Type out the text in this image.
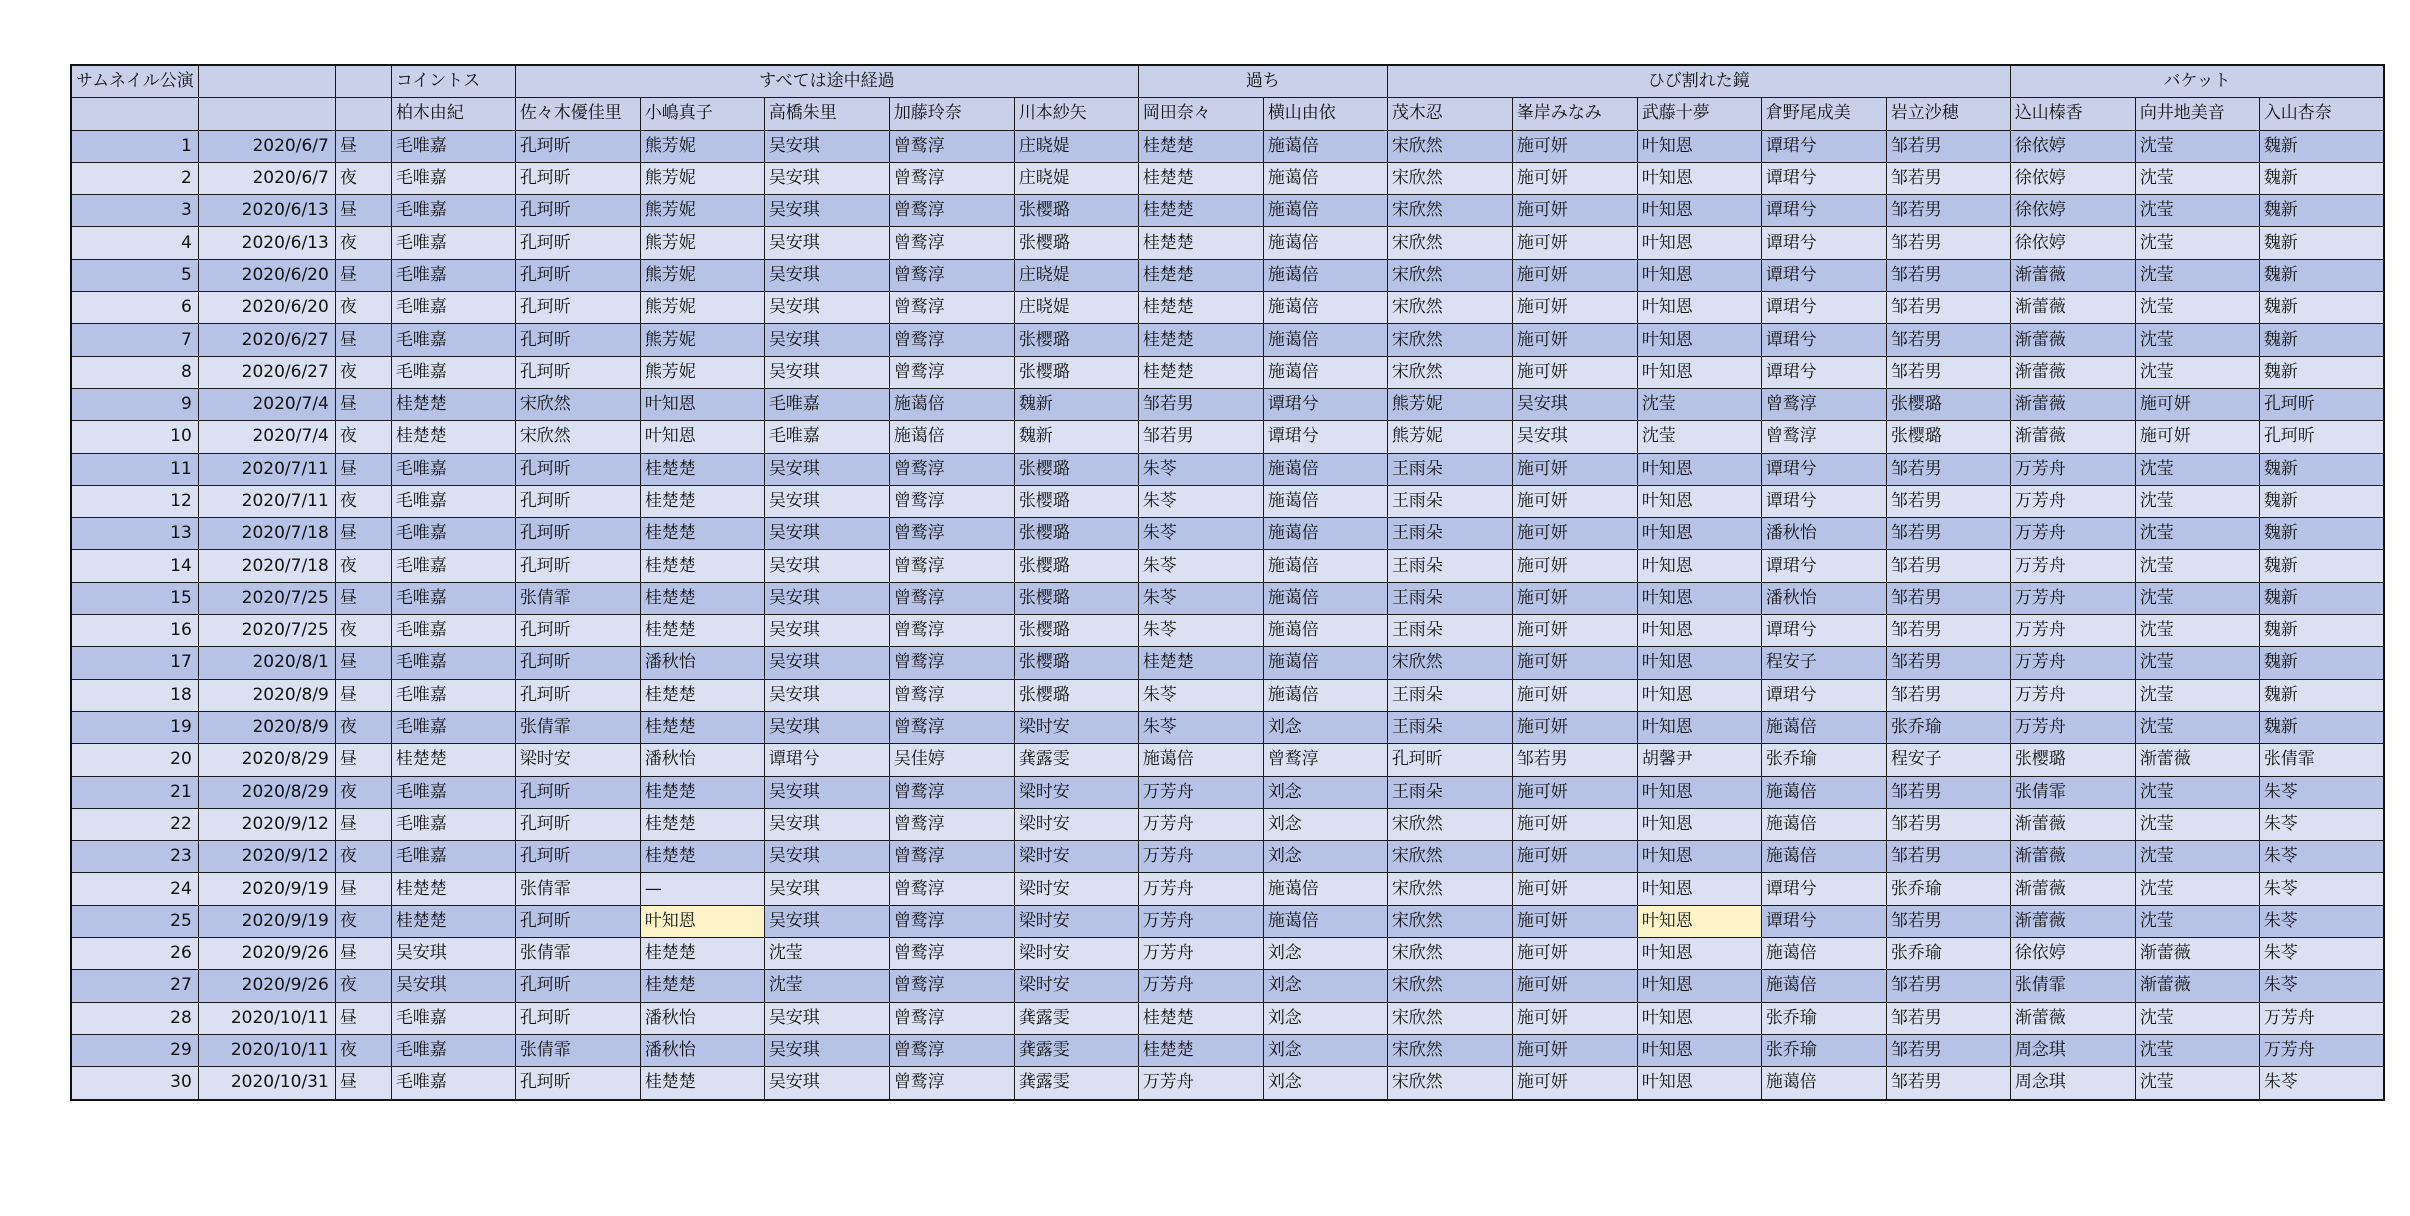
サムネイル公演			コイントス	すべては途中経過					過ち		ひび割れた鏡					バケット		
			柏木由紀	佐々木優佳里	小嶋真子	高橋朱里	加藤玲奈	川本紗矢	岡田奈々	横山由依	茂木忍	峯岸みなみ	武藤十夢	倉野尾成美	岩立沙穂	込山榛香	向井地美音	入山杏奈
1	2020/6/7	昼	毛唯嘉	孔珂昕	熊芳妮	吴安琪	曾鹜淳	庄晓媞	桂楚楚	施蔼倍	宋欣然	施可妍	叶知恩	谭珺兮	邹若男	徐依婷	沈莹	魏新
2	2020/6/7	夜	毛唯嘉	孔珂昕	熊芳妮	吴安琪	曾鹜淳	庄晓媞	桂楚楚	施蔼倍	宋欣然	施可妍	叶知恩	谭珺兮	邹若男	徐依婷	沈莹	魏新
3	2020/6/13	昼	毛唯嘉	孔珂昕	熊芳妮	吴安琪	曾鹜淳	张樱璐	桂楚楚	施蔼倍	宋欣然	施可妍	叶知恩	谭珺兮	邹若男	徐依婷	沈莹	魏新
4	2020/6/13	夜	毛唯嘉	孔珂昕	熊芳妮	吴安琪	曾鹜淳	张樱璐	桂楚楚	施蔼倍	宋欣然	施可妍	叶知恩	谭珺兮	邹若男	徐依婷	沈莹	魏新
5	2020/6/20	昼	毛唯嘉	孔珂昕	熊芳妮	吴安琪	曾鹜淳	庄晓媞	桂楚楚	施蔼倍	宋欣然	施可妍	叶知恩	谭珺兮	邹若男	渐蕾薇	沈莹	魏新
6	2020/6/20	夜	毛唯嘉	孔珂昕	熊芳妮	吴安琪	曾鹜淳	庄晓媞	桂楚楚	施蔼倍	宋欣然	施可妍	叶知恩	谭珺兮	邹若男	渐蕾薇	沈莹	魏新
7	2020/6/27	昼	毛唯嘉	孔珂昕	熊芳妮	吴安琪	曾鹜淳	张樱璐	桂楚楚	施蔼倍	宋欣然	施可妍	叶知恩	谭珺兮	邹若男	渐蕾薇	沈莹	魏新
8	2020/6/27	夜	毛唯嘉	孔珂昕	熊芳妮	吴安琪	曾鹜淳	张樱璐	桂楚楚	施蔼倍	宋欣然	施可妍	叶知恩	谭珺兮	邹若男	渐蕾薇	沈莹	魏新
9	2020/7/4	昼	桂楚楚	宋欣然	叶知恩	毛唯嘉	施蔼倍	魏新	邹若男	谭珺兮	熊芳妮	吴安琪	沈莹	曾鹜淳	张樱璐	渐蕾薇	施可妍	孔珂昕
10	2020/7/4	夜	桂楚楚	宋欣然	叶知恩	毛唯嘉	施蔼倍	魏新	邹若男	谭珺兮	熊芳妮	吴安琪	沈莹	曾鹜淳	张樱璐	渐蕾薇	施可妍	孔珂昕
11	2020/7/11	昼	毛唯嘉	孔珂昕	桂楚楚	吴安琪	曾鹜淳	张樱璐	朱苓	施蔼倍	王雨朵	施可妍	叶知恩	谭珺兮	邹若男	万芳舟	沈莹	魏新
12	2020/7/11	夜	毛唯嘉	孔珂昕	桂楚楚	吴安琪	曾鹜淳	张樱璐	朱苓	施蔼倍	王雨朵	施可妍	叶知恩	谭珺兮	邹若男	万芳舟	沈莹	魏新
13	2020/7/18	昼	毛唯嘉	孔珂昕	桂楚楚	吴安琪	曾鹜淳	张樱璐	朱苓	施蔼倍	王雨朵	施可妍	叶知恩	潘秋怡	邹若男	万芳舟	沈莹	魏新
14	2020/7/18	夜	毛唯嘉	孔珂昕	桂楚楚	吴安琪	曾鹜淳	张樱璐	朱苓	施蔼倍	王雨朵	施可妍	叶知恩	谭珺兮	邹若男	万芳舟	沈莹	魏新
15	2020/7/25	昼	毛唯嘉	张倩霏	桂楚楚	吴安琪	曾鹜淳	张樱璐	朱苓	施蔼倍	王雨朵	施可妍	叶知恩	潘秋怡	邹若男	万芳舟	沈莹	魏新
16	2020/7/25	夜	毛唯嘉	孔珂昕	桂楚楚	吴安琪	曾鹜淳	张樱璐	朱苓	施蔼倍	王雨朵	施可妍	叶知恩	谭珺兮	邹若男	万芳舟	沈莹	魏新
17	2020/8/1	昼	毛唯嘉	孔珂昕	潘秋怡	吴安琪	曾鹜淳	张樱璐	桂楚楚	施蔼倍	宋欣然	施可妍	叶知恩	程安子	邹若男	万芳舟	沈莹	魏新
18	2020/8/9	昼	毛唯嘉	孔珂昕	桂楚楚	吴安琪	曾鹜淳	张樱璐	朱苓	施蔼倍	王雨朵	施可妍	叶知恩	谭珺兮	邹若男	万芳舟	沈莹	魏新
19	2020/8/9	夜	毛唯嘉	张倩霏	桂楚楚	吴安琪	曾鹜淳	梁时安	朱苓	刘念	王雨朵	施可妍	叶知恩	施蔼倍	张乔瑜	万芳舟	沈莹	魏新
20	2020/8/29	昼	桂楚楚	梁时安	潘秋怡	谭珺兮	吴佳婷	龚露雯	施蔼倍	曾鹜淳	孔珂昕	邹若男	胡馨尹	张乔瑜	程安子	张樱璐	渐蕾薇	张倩霏
21	2020/8/29	夜	毛唯嘉	孔珂昕	桂楚楚	吴安琪	曾鹜淳	梁时安	万芳舟	刘念	王雨朵	施可妍	叶知恩	施蔼倍	邹若男	张倩霏	沈莹	朱苓
22	2020/9/12	昼	毛唯嘉	孔珂昕	桂楚楚	吴安琪	曾鹜淳	梁时安	万芳舟	刘念	宋欣然	施可妍	叶知恩	施蔼倍	邹若男	渐蕾薇	沈莹	朱苓
23	2020/9/12	夜	毛唯嘉	孔珂昕	桂楚楚	吴安琪	曾鹜淳	梁时安	万芳舟	刘念	宋欣然	施可妍	叶知恩	施蔼倍	邹若男	渐蕾薇	沈莹	朱苓
24	2020/9/19	昼	桂楚楚	张倩霏	—	吴安琪	曾鹜淳	梁时安	万芳舟	施蔼倍	宋欣然	施可妍	叶知恩	谭珺兮	张乔瑜	渐蕾薇	沈莹	朱苓
25	2020/9/19	夜	桂楚楚	孔珂昕	叶知恩	吴安琪	曾鹜淳	梁时安	万芳舟	施蔼倍	宋欣然	施可妍	叶知恩	谭珺兮	邹若男	渐蕾薇	沈莹	朱苓
26	2020/9/26	昼	吴安琪	张倩霏	桂楚楚	沈莹	曾鹜淳	梁时安	万芳舟	刘念	宋欣然	施可妍	叶知恩	施蔼倍	张乔瑜	徐依婷	渐蕾薇	朱苓
27	2020/9/26	夜	吴安琪	孔珂昕	桂楚楚	沈莹	曾鹜淳	梁时安	万芳舟	刘念	宋欣然	施可妍	叶知恩	施蔼倍	邹若男	张倩霏	渐蕾薇	朱苓
28	2020/10/11	昼	毛唯嘉	孔珂昕	潘秋怡	吴安琪	曾鹜淳	龚露雯	桂楚楚	刘念	宋欣然	施可妍	叶知恩	张乔瑜	邹若男	渐蕾薇	沈莹	万芳舟
29	2020/10/11	夜	毛唯嘉	张倩霏	潘秋怡	吴安琪	曾鹜淳	龚露雯	桂楚楚	刘念	宋欣然	施可妍	叶知恩	张乔瑜	邹若男	周念琪	沈莹	万芳舟
30	2020/10/31	昼	毛唯嘉	孔珂昕	桂楚楚	吴安琪	曾鹜淳	龚露雯	万芳舟	刘念	宋欣然	施可妍	叶知恩	施蔼倍	邹若男	周念琪	沈莹	朱苓
